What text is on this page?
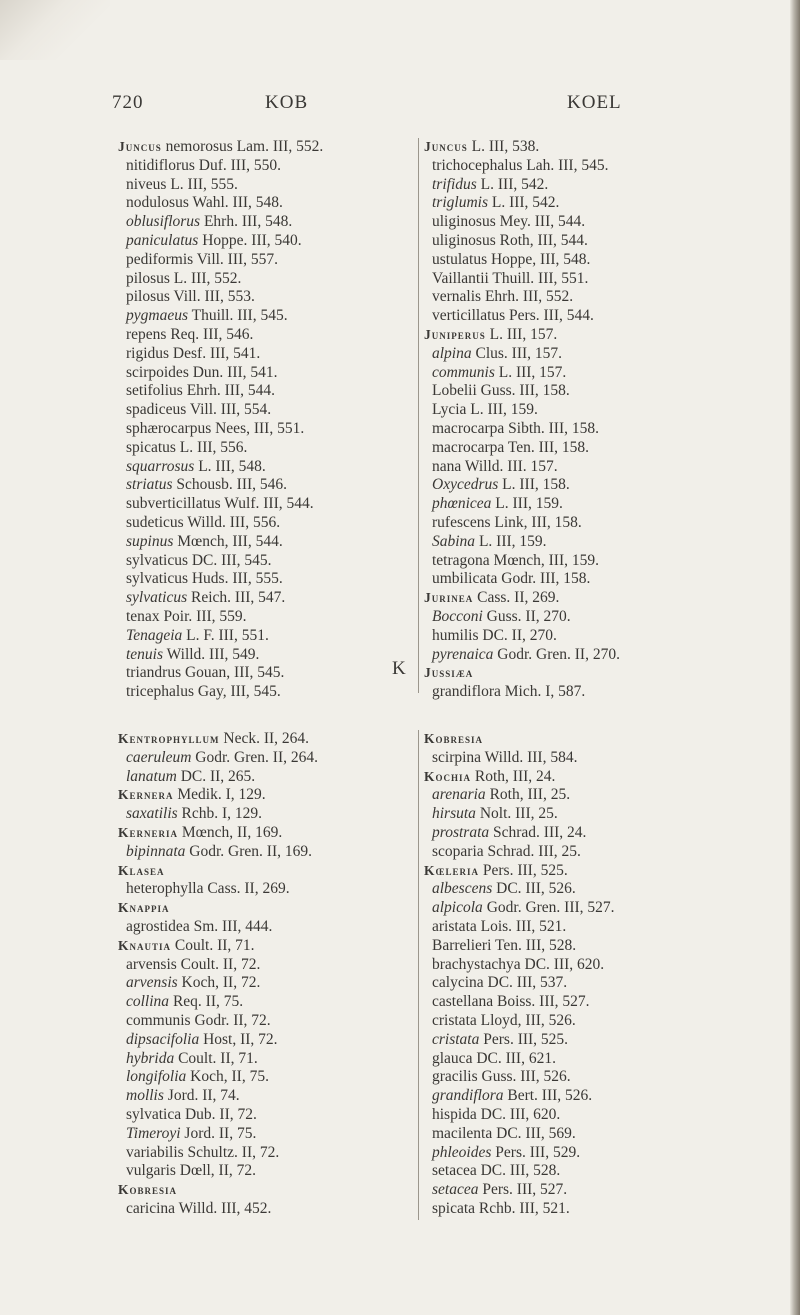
720	KOB	KOEL
Juncus nemorosus Lam. III, 552.
nitidiflorus Duf. III, 550.
niveus L. III, 555.
nodulosus Wahl. III, 548.
oblusiflorus Ehrh. III, 548.
paniculatus Hoppe. III, 540.
pediformis Vill. III, 557.
pilosus L. III, 552.
pilosus Vill. III, 553.
pygmaeus Thuill. III, 545.
repens Req. III, 546.
rigidus Desf. III, 541.
scirpoides Dun. III, 541.
setifolius Ehrh. III, 544.
spadiceus Vill. III, 554.
sphærocarpus Nees, III, 551.
spicatus L. III, 556.
squarrosus L. III, 548.
striatus Schousb. III, 546.
subverticillatus Wulf. III, 544.
sudeticus Willd. III, 556.
supinus Mœnch, III, 544.
sylvaticus DC. III, 545.
sylvaticus Huds. III, 555.
sylvaticus Reich. III, 547.
tenax Poir. III, 559.
Tenageia L. F. III, 551.
tenuis Willd. III, 549.
triandrus Gouan, III, 545.
tricephalus Gay, III, 545.
Juncus L. III, 538.
trichocephalus Lah. III, 545.
trifidus L. III, 542.
triglumis L. III, 542.
uliginosus Mey. III, 544.
uliginosus Roth, III, 544.
ustulatus Hoppe, III, 548.
Vaillantii Thuill. III, 551.
vernalis Ehrh. III, 552.
verticillatus Pers. III, 544.
Juniperus L. III, 157.
alpina Clus. III, 157.
communis L. III, 157.
Lobelii Guss. III, 158.
Lycia L. III, 159.
macrocarpa Sibth. III, 158.
macrocarpa Ten. III, 158.
nana Willd. III. 157.
Oxycedrus L. III, 158.
phœnicea L. III, 159.
rufescens Link, III, 158.
Sabina L. III, 159.
tetragona Mœnch, III, 159.
umbilicata Godr. III, 158.
Jurinea Cass. II, 269.
Bocconi Guss. II, 270.
humilis DC. II, 270.
pyrenaica Godr. Gren. II, 270.
Jussiæa
grandiflora Mich. I, 587.
K
Kentrophyllum Neck. II, 264.
caeruleum Godr. Gren. II, 264.
lanatum DC. II, 265.
Kernera Medik. I, 129.
saxatilis Rchb. I, 129.
Kerneria Mœnch, II, 169.
bipinnata Godr. Gren. II, 169.
Klasea
heterophylla Cass. II, 269.
Knappia
agrostidea Sm. III, 444.
Knautia Coult. II, 71.
arvensis Coult. II, 72.
arvensis Koch, II, 72.
collina Req. II, 75.
communis Godr. II, 72.
dipsacifolia Host, II, 72.
hybrida Coult. II, 71.
longifolia Koch, II, 75.
mollis Jord. II, 74.
sylvatica Dub. II, 72.
Timeroyi Jord. II, 75.
variabilis Schultz. II, 72.
vulgaris Dœll, II, 72.
Kobresia
caricina Willd. III, 452.
Kobresia
scirpina Willd. III, 584.
Kochia Roth, III, 24.
arenaria Roth, III, 25.
hirsuta Nolt. III, 25.
prostrata Schrad. III, 24.
scoparia Schrad. III, 25.
Kœleria Pers. III, 525.
albescens DC. III, 526.
alpicola Godr. Gren. III, 527.
aristata Lois. III, 521.
Barrelieri Ten. III, 528.
brachystachya DC. III, 620.
calycina DC. III, 537.
castellana Boiss. III, 527.
cristata Lloyd, III, 526.
cristata Pers. III, 525.
glauca DC. III, 621.
gracilis Guss. III, 526.
grandiflora Bert. III, 526.
hispida DC. III, 620.
macilenta DC. III, 569.
phleoides Pers. III, 529.
setacea DC. III, 528.
setacea Pers. III, 527.
spicata Rchb. III, 521.
